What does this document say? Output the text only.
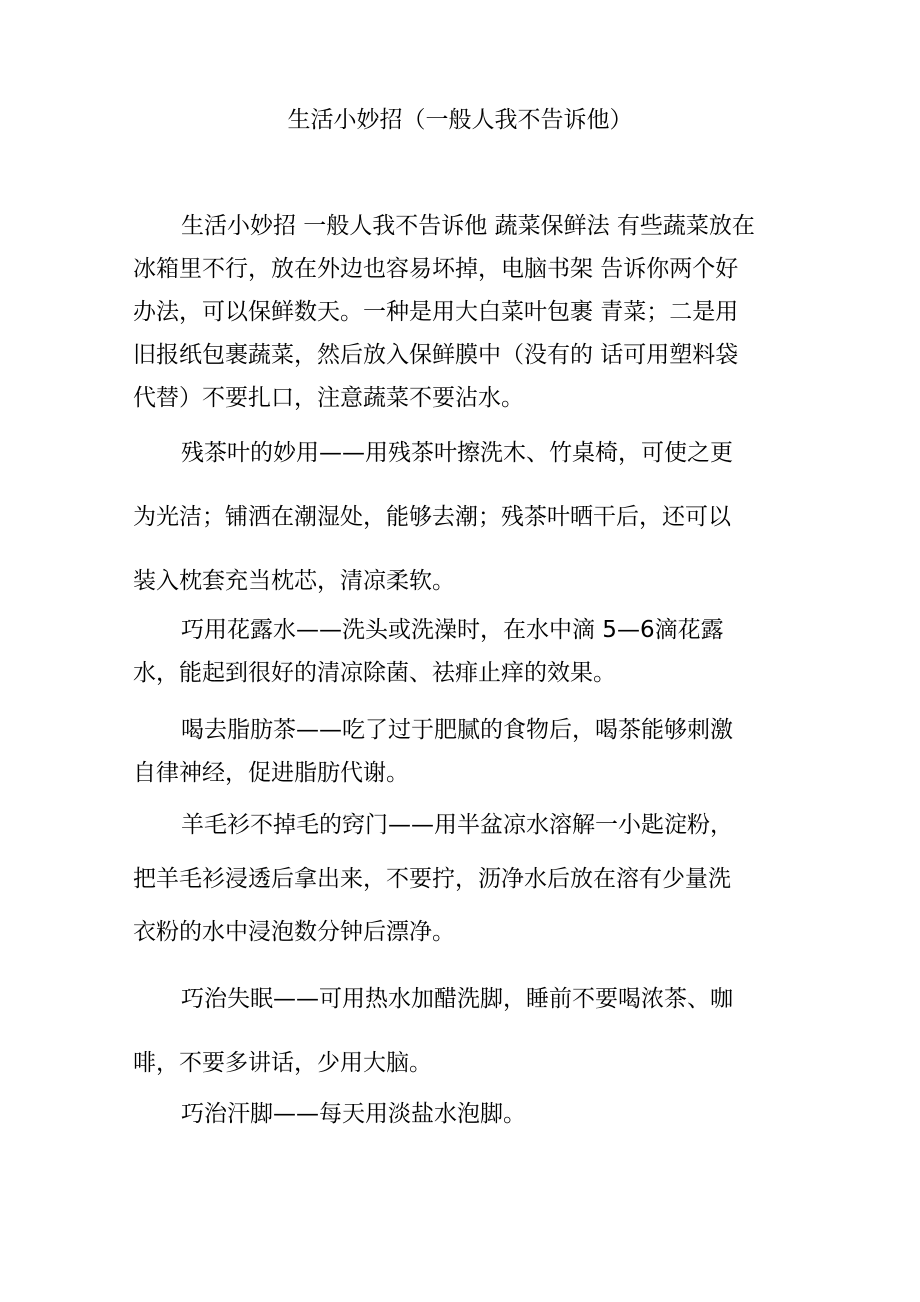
生活小妙招（一般人我不告诉他）
生活小妙招 一般人我不告诉他 蔬菜保鲜法 有些蔬菜放在
冰箱里不行，放在外边也容易坏掉，电脑书架 告诉你两个好
办法，可以保鲜数天。一种是用大白菜叶包裹 青菜；二是用
旧报纸包裹蔬菜，然后放入保鲜膜中（没有的 话可用塑料袋
代替）不要扎口，注意蔬菜不要沾水。
残茶叶的妙用——用残茶叶擦洗木、竹桌椅，可使之更
为光洁；铺洒在潮湿处，能够去潮；残茶叶晒干后，还可以
装入枕套充当枕芯，清凉柔软。
巧用花露水——洗头或洗澡时，在水中滴 5—6滴花露
水，能起到很好的清凉除菌、祛痱止痒的效果。
喝去脂肪茶——吃了过于肥腻的食物后，喝茶能够刺激
自律神经，促进脂肪代谢。
羊毛衫不掉毛的窍门——用半盆凉水溶解一小匙淀粉，
把羊毛衫浸透后拿出来，不要拧，沥净水后放在溶有少量洗
衣粉的水中浸泡数分钟后漂净。
巧治失眠——可用热水加醋洗脚，睡前不要喝浓茶、咖
啡，不要多讲话，少用大脑。
巧治汗脚——每天用淡盐水泡脚。
